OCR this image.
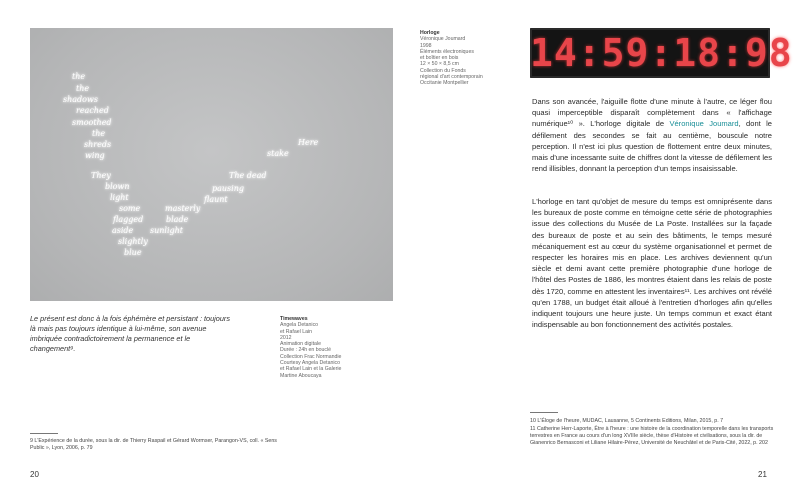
the
the
shadows
reached
smoothed
the
shreds
wing
They
blown
light
some
flagged
aside
slightly
blue
masterly
blade
sunlight
pausing
flaunt
The dead
stake
Here
Le présent est donc à la fois éphémère et persistant : toujours là mais pas toujours identique à lui-même, son avenue imbriquée contradictoirement la permanence et le changement⁹.
Timewaves
Angela Detanico
et Rafael Lain
2012
Animation digitale
Durée : 24h en bouclé
Collection Frac Normandie
Courtesy Angela Detanico
et Rafael Lain et la Galerie
Martine Aboucaya
9 L'Expérience de la durée, sous la dir. de Thierry Raspail et Gérard Wormser, Parangon-VS, coll. « Sens Public », Lyon, 2006, p. 79
20
Horloge
Véronique Joumard
1998
Éléments électroniques
et boîtier en bois
12 × 50 × 8,5 cm
Collection du Fonds
régional d'art contemporain
Occitanie Montpellier
14:59:18:98

Dans son avancée, l'aiguille flotte d'une minute à l'autre, ce léger flou quasi imperceptible disparaît complètement dans « l'affichage numérique¹⁰ ». L'horloge digitale de Véronique Joumard, dont le défilement des secondes se fait au centième, bouscule notre perception. Il n'est ici plus question de flottement entre deux minutes, mais d'une incessante suite de chiffres dont la vitesse de défilement les rend illisibles, donnant la perception d'un temps insaisissable.

L'horloge en tant qu'objet de mesure du temps est omniprésente dans les bureaux de poste comme en témoigne cette série de photographies issue des collections du Musée de La Poste. Installées sur la façade des bureaux de poste et au sein des bâtiments, le temps mesuré mécaniquement est au cœur du système organisationnel et permet de respecter les horaires mis en place. Les archives deviennent qu'un siècle et demi avant cette première photographie d'une horloge de l'hôtel des Postes de 1886, les montres étaient dans les relais de poste dès 1720, comme en attestent les inventaires¹¹. Les archives ont révélé qu'en 1788, un budget était alloué à l'entretien d'horloges afin qu'elles indiquent toujours une heure juste. Un temps commun et exact étant indispensable au bon fonctionnement des activités postales.

10 L'Éloge de l'heure, MUDAC, Lausanne, 5 Continents Editions, Milan, 2015, p. 7
11 Catherine Herr-Laporte, Être à l'heure : une histoire de la coordination temporelle dans les transports terrestres en France au cours d'un long XVIIIe siècle, thèse d'Histoire et civilisations, sous la dir. de Gianenrico Bernasconi et Liliane Hilaire-Pérez, Université de Neuchâtel et de Paris-Cité, 2022, p. 202
21
